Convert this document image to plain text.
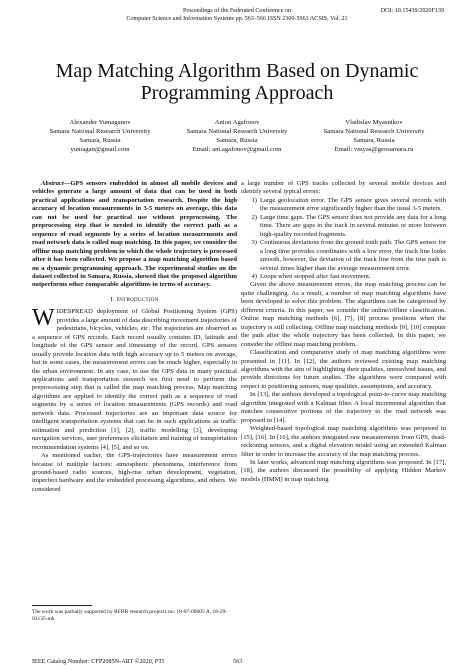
Proceedings of the Federated Conference on	DOI: 10.15439/2020F139
Computer Science and Information Systems pp. 563–566 ISSN 2300-5963 ACSIS, Vol. 21
Map Matching Algorithm Based on Dynamic
Programming Approach
Alexander Yumaganov
Samara National Research University
Samara, Russia
yumagan@gmail.com
Anton Agafonov
Samara National Research University
Samara, Russia
Email: ant.agafonov@gmail.com
Vladislav Myasnikov
Samara National Research University
Samara, Russia
Email: vmyas@geosamara.ru

Abstract—GPS sensors embedded in almost all mobile devices and vehicles generate a large amount of data that can be used in both practical applications and transportation research. Despite the high accuracy of location measurements in 3-5 meters on average, this data can not be used for practical use without preprocessing. The preprocessing step that is needed to identify the correct path as a sequence of road segments by a series of location measurements and road network data is called map matching. In this paper, we consider the offline map matching problem in which the whole trajectory is processed after it has been collected. We propose a map matching algorithm based on a dynamic programming approach. The experimental studies on the dataset collected in Samara, Russia, showed that the proposed algorithm outperforms other comparable algorithms in terms of accuracy.

I. Introduction

WIDESPREAD deployment of Global Positioning System (GPS) provides a large amount of data describing movement trajectories of pedestrians, bicycles, vehicles, etc. The trajectories are observed as a sequence of GPS records. Each record usually contains ID, latitude and longitude of the GPS sensor and timestamp of the record. GPS sensors usually provide location data with high accuracy up to 5 meters on average, but in some cases, the measurement errors can be much higher, especially in the urban environment. In any case, to use the GPS data in many practical applications and transportation research we first need to perform the preprocessing step that is called the map matching process. Map matching algorithms are applied to identify the correct path as a sequence of road segments by a series of location measurements (GPS records) and road network data. Processed trajectories are an important data source for intelligent transportation systems that can be in such applications as traffic estimation and prediction [1], [2], traffic modelling [3], developing navigation services, user preferences elicitation and training of transportation recommendation systems [4], [5], and so on.

As mentioned earlier, the GPS-trajectories have measurement errors because of multiple factors: atmospheric phenomena, interference from ground-based radio sources, high-rise urban development, vegetation, imperfect hardware and the embedded processing algorithms, and others. We considered

The work was partially supported by RFBR research projects no. 18-07-00605 A, 18-29-03135-mk

a large number of GPS tracks collected by several mobile devices and identify several typical errors:

1) Large geolocation error. The GPS sensor gives several records with the measurement error significantly higher than the usual 3-5 meters.
2) Large time gaps. The GPS sensor does not provide any data for a long time. There are gaps in the track in several minutes or more between high-quality recorded fragments.
3) Continuous deviations from the ground truth path. The GPS sensor for a long time provides coordinates with a low error, the track line looks smooth, however, the deviation of the track line from the true path is several times higher than the average measurement error.
4) Loops when stopped after fast movement.

Given the above measurement errors, the map matching process can be quite challenging. As a result, a number of map matching algorithms have been developed to solve this problem. The algorithms can be categorized by different criteria. In this paper, we consider the online/offline classification. Online map matching methods [6], [7], [8] process positions when the trajectory is still collecting. Offline map matching methods [9], [10] compute the path after the whole trajectory has been collected. In this paper, we consider the offline map matching problem.

Classification and comparative study of map matching algorithms were presented in [11]. In [12], the authors reviewed existing map matching algorithms with the aim of highlighting their qualities, unresolved issues, and provide directions for future studies. The algorithms were compared with respect to positioning sensors, map qualities, assumptions, and accuracy.

In [13], the authors developed a topological point-to-curve map matching algorithm integrated with a Kalman filter. A local incremental algorithm that matches consecutive portions of the trajectory to the road network was proposed in [14].

Weighted-based topological map matching algorithms was proposed in [15], [16]. In [16], the authors integrated raw measurements from GPS, dead-reckoning sensors, and a digital elevation model using an extended Kalman filter in order to increase the accuracy of the map matching process.

In later works, advanced map matching algorithms was proposed. In [17], [18], the authors discussed the possibility of applying Hidden Markov models (HMM) in map matching

IEEE Catalog Number: CFP2085N-ART ©2020, PTI	563
